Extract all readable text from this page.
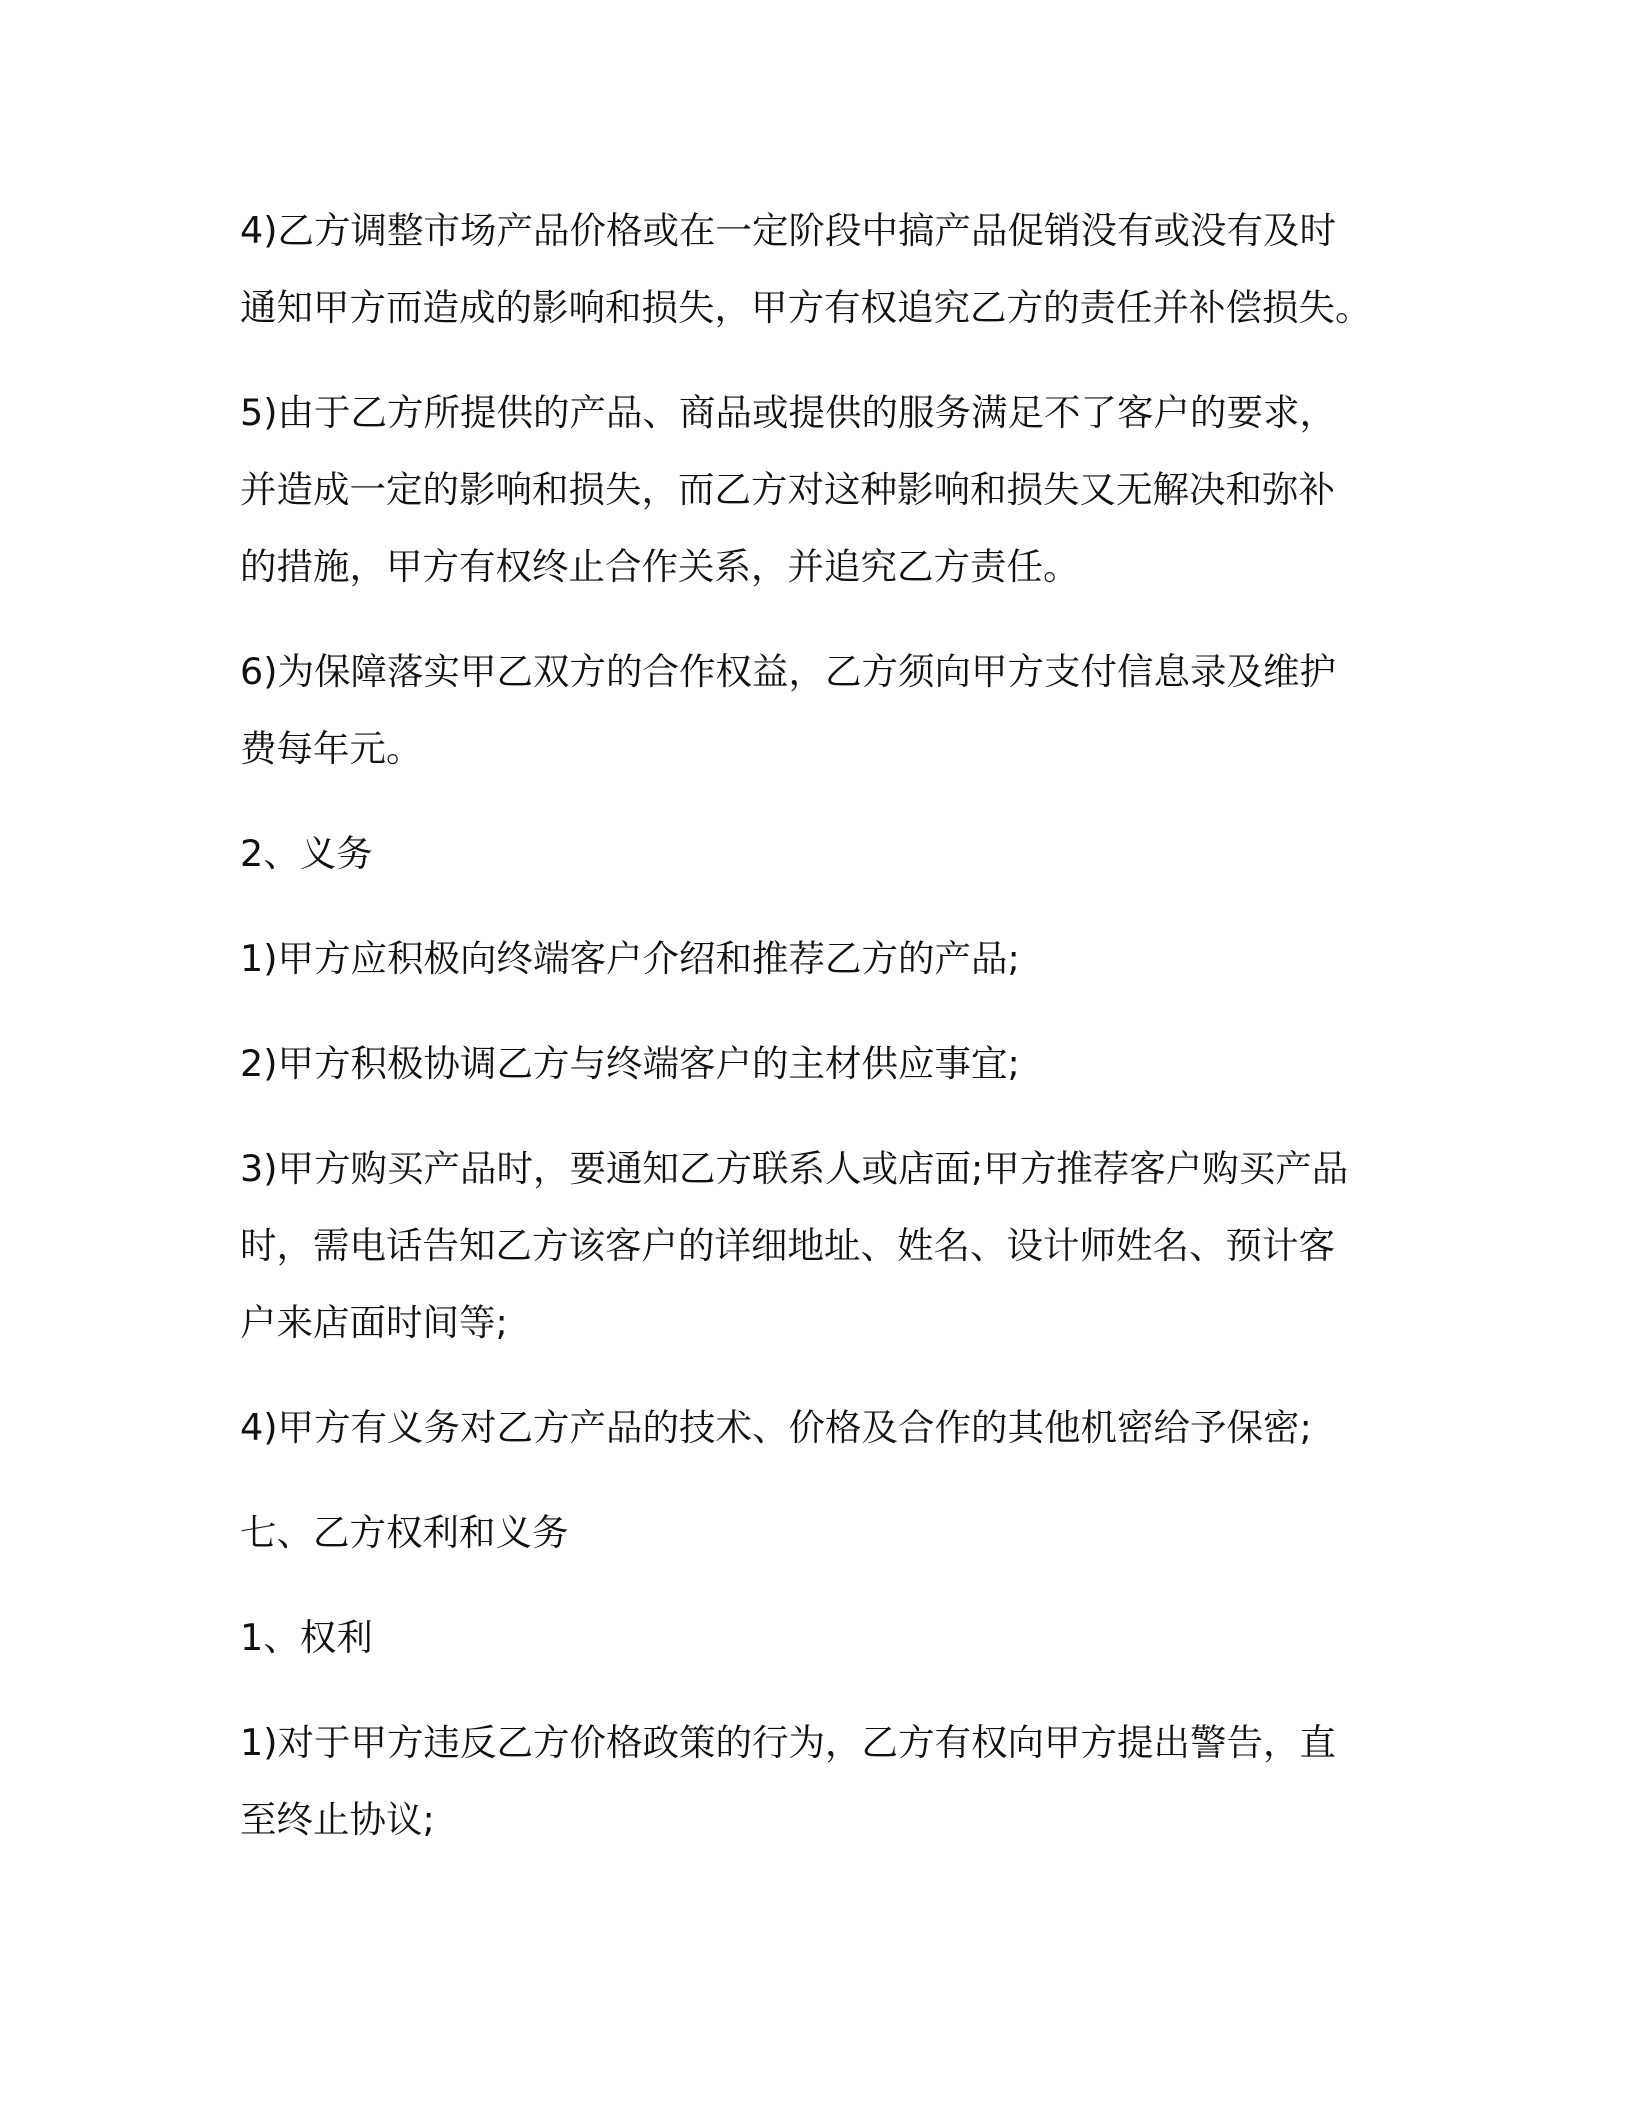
4)乙方调整市场产品价格或在一定阶段中搞产品促销没有或没有及时
通知甲方而造成的影响和损失，甲方有权追究乙方的责任并补偿损失。
5)由于乙方所提供的产品、商品或提供的服务满足不了客户的要求，
并造成一定的影响和损失，而乙方对这种影响和损失又无解决和弥补
的措施，甲方有权终止合作关系，并追究乙方责任。
6)为保障落实甲乙双方的合作权益，乙方须向甲方支付信息录及维护
费每年元。
2、义务
1)甲方应积极向终端客户介绍和推荐乙方的产品;
2)甲方积极协调乙方与终端客户的主材供应事宜;
3)甲方购买产品时，要通知乙方联系人或店面;甲方推荐客户购买产品
时，需电话告知乙方该客户的详细地址、姓名、设计师姓名、预计客
户来店面时间等;
4)甲方有义务对乙方产品的技术、价格及合作的其他机密给予保密;
七、乙方权利和义务
1、权利
1)对于甲方违反乙方价格政策的行为，乙方有权向甲方提出警告，直
至终止协议;
